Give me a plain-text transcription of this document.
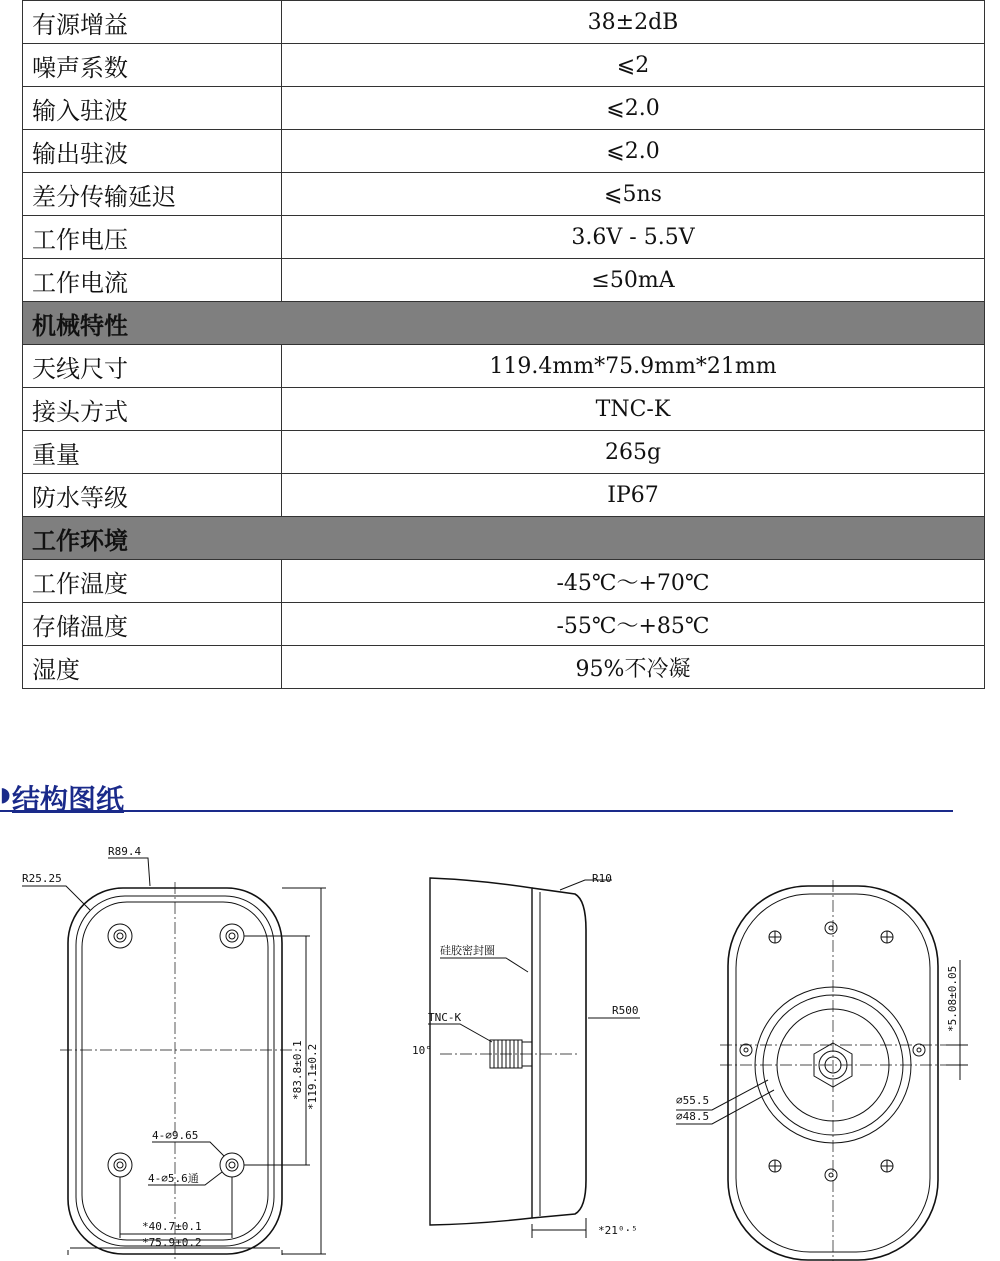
有源增益	38±2dB
噪声系数	⩽2
输入驻波	⩽2.0
输出驻波	⩽2.0
差分传输延迟	⩽5ns
工作电压	3.6V - 5.5V
工作电流	≤50mA
机械特性	
天线尺寸	119.4mm*75.9mm*21mm
接头方式	TNC-K
重量	265g
防水等级	IP67
工作环境	
工作温度	-45℃～+70℃
存储温度	-55℃～+85℃
湿度	95%不冷凝
◗ 结构图纸
R89.4
R25.25
4-⌀9.65
4-⌀5.6通
*83.8±0.1 *119.1±0.2
*40.7±0.1
*75.9±0.2
R10
硅胶密封圈
R500
TNC-K
10°
*21⁰⋅⁵
⌀55.5
⌀48.5
*5.08±0.05
